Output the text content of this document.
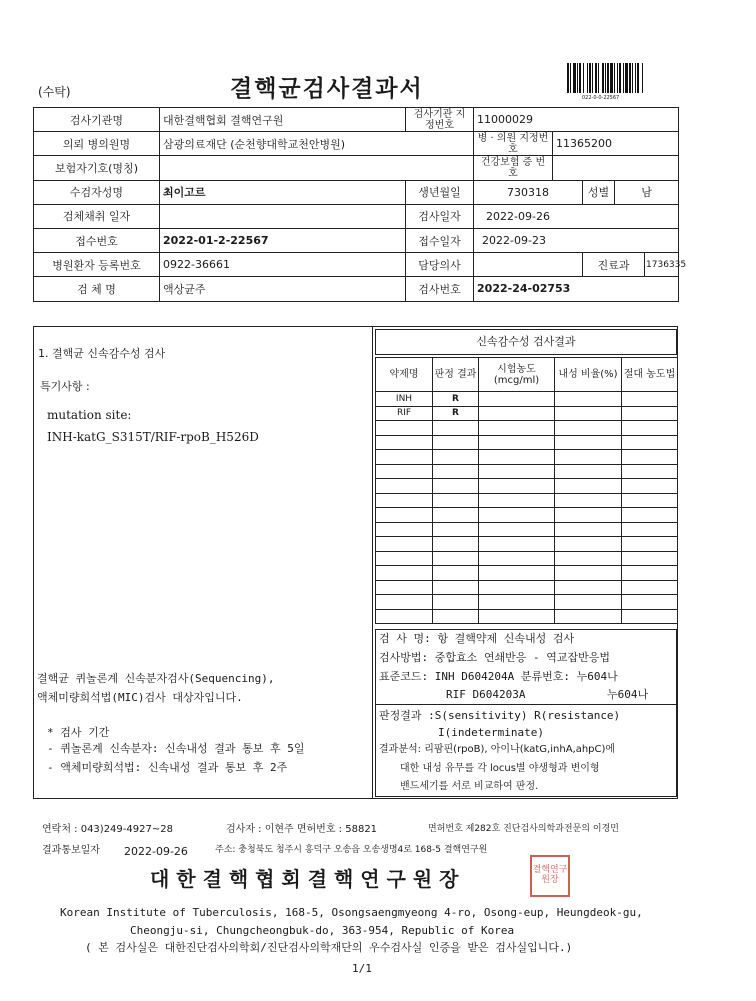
(수탁)	결핵균검사결과서	022-0-0-22567
검사기관명	대한결핵협회 결핵연구원	검사기관 지정번호	11000029				
의뢰 병의원명	삼광의료재단 (순천향대학교천안병원)		병 · 의원 지정번호	11365200			
보험자기호(명칭)			건강보험 증 번 호				
수검자성명	최이고르	생년월일	730318		성별	남	
검체채취 일자		검사일자	2022-09-26				
접수번호	2022-01-2-22567	접수일자	2022-09-23				
병원환자 등록번호	0922-36661	담당의사			진료과		1736335
검 체 명	액상균주	검사번호	2022-24-02753				
1. 결핵균 신속감수성 검사
특기사항 :
mutation site:
INH-katG_S315T/RIF-rpoB_H526D
결핵균 퀴놀론계 신속분자검사(Sequencing),
액체미량희석법(MIC)검사 대상자입니다.
* 검사 기간
- 퀴놀론계 신속분자: 신속내성 결과 통보 후 5일
- 액체미량희석법: 신속내성 결과 통보 후 2주
신속감수성 검사결과
약제명	판정 결과	시험농도 (mcg/ml)	내성 비율(%)	절대 농도법
INH	R			
RIF	R			

검 사 명: 항 결핵약제 신속내성 검사
검사방법: 중합효소 연쇄반응 - 역교잡반응법
표준코드: INH D604204A 분류번호: 누604나
RIF D604203A	누604나
판정결과 :S(sensitivity) R(resistance)
I(indeterminate)
결과분석: 리팜핀(rpoB), 아이나(katG,inhA,ahpC)에
대한 내성 유무를 각 locus별 야생형과 변이형
밴드세기를 서로 비교하여 판정.
연락처 : 043)249-4927~28	검사자 : 이현주 면허번호 : 58821	면허번호 제282호 진단검사의학과전문의 이경민
결과통보일자 2022-09-26	주소: 충청북도 청주시 흥덕구 오송읍 오송생명4로 168-5 결핵연구원
대 한 결 핵 협 회 결 핵 연 구 원 장	결핵연구원장
Korean Institute of Tuberculosis, 168-5, Osongsaengmyeong 4-ro, Osong-eup, Heungdeok-gu,
Cheongju-si, Chungcheongbuk-do, 363-954, Republic of Korea
( 본 검사실은 대한진단검사의학회/진단검사의학재단의 우수검사실 인증을 받은 검사실입니다.)
1/1
